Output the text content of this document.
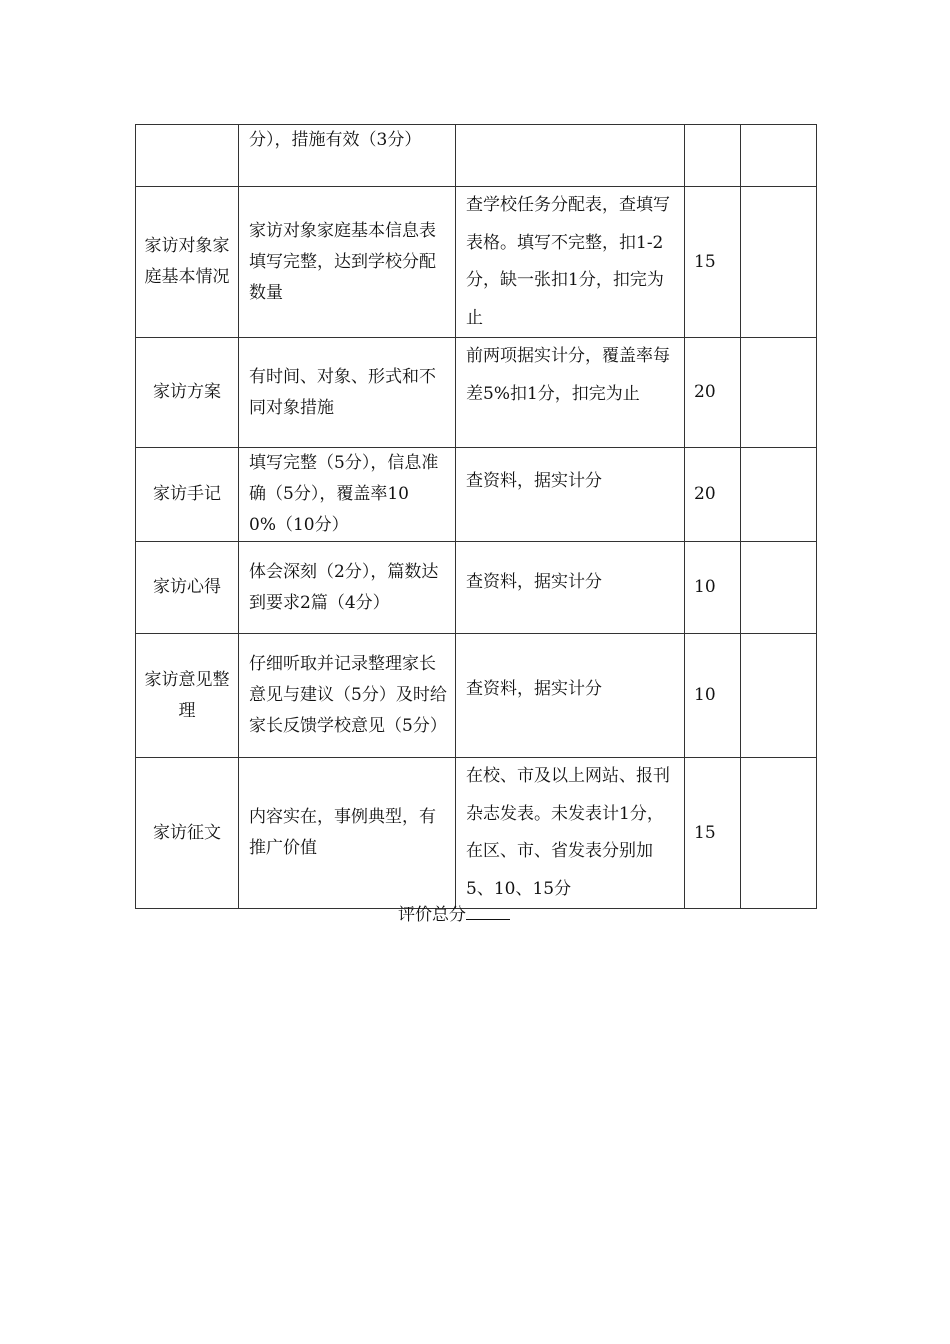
	分），措施有效（3分）			
家访对象家庭基本情况	家访对象家庭基本信息表填写完整，达到学校分配数量	查学校任务分配表，查填写表格。填写不完整，扣1-2分，缺一张扣1分，扣完为止	15	
家访方案	有时间、对象、形式和不同对象措施	前两项据实计分，覆盖率每差5%扣1分，扣完为止	20	
家访手记	填写完整（5分），信息准确（5分），覆盖率100%（10分）	查资料，据实计分	20	
家访心得	体会深刻（2分），篇数达到要求2篇（4分）	查资料，据实计分	10	
家访意见整理	仔细听取并记录整理家长意见与建议（5分）及时给家长反馈学校意见（5分）	查资料，据实计分	10	
家访征文	内容实在，事例典型，有推广价值	在校、市及以上网站、报刊杂志发表。未发表计1分，在区、市、省发表分别加5、10、15分	15	
评价总分
